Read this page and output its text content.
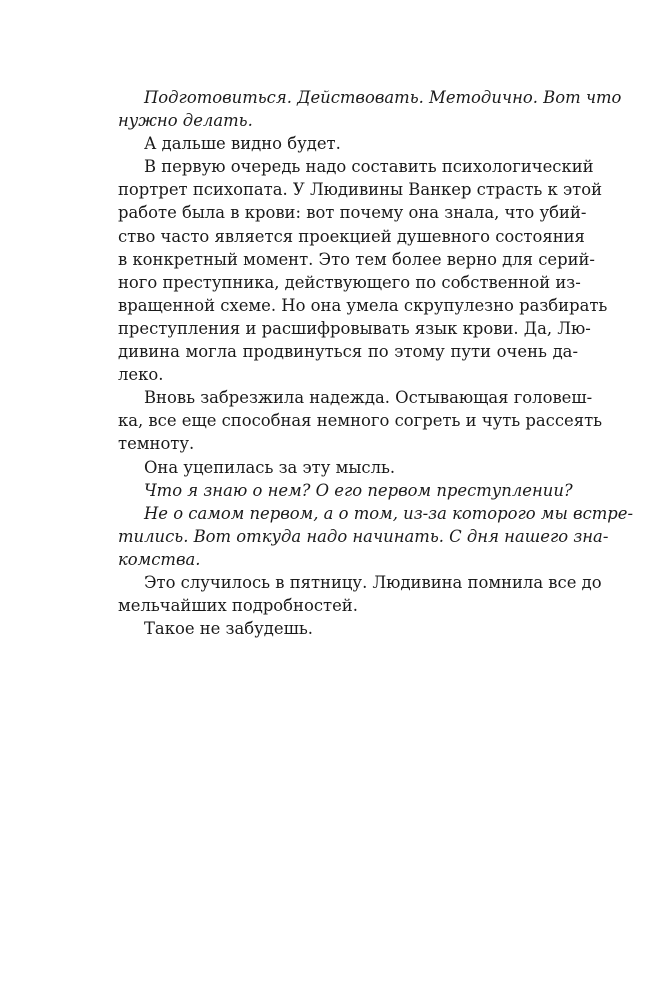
Подготовиться. Действовать. Методично. Вот что
нужно делать.
А дальше видно будет.
В первую очередь надо составить психологический
портрет психопата. У Людивины Ванкер страсть к этой
работе была в крови: вот почему она знала, что убий-
ство часто является проекцией душевного состояния
в конкретный момент. Это тем более верно для серий-
ного преступника, действующего по собственной из-
вращенной схеме. Но она умела скрупулезно разбирать
преступления и расшифровывать язык крови. Да, Лю-
дивина могла продвинуться по этому пути очень да-
леко.
Вновь забрезжила надежда. Остывающая головеш-
ка, все еще способная немного согреть и чуть рассеять
темноту.
Она уцепилась за эту мысль.
Что я знаю о нем? О его первом преступлении?
Не о самом первом, а о том, из-за которого мы встре-
тились. Вот откуда надо начинать. С дня нашего зна-
комства.
Это случилось в пятницу. Людивина помнила все до
мельчайших подробностей.
Такое не забудешь.
